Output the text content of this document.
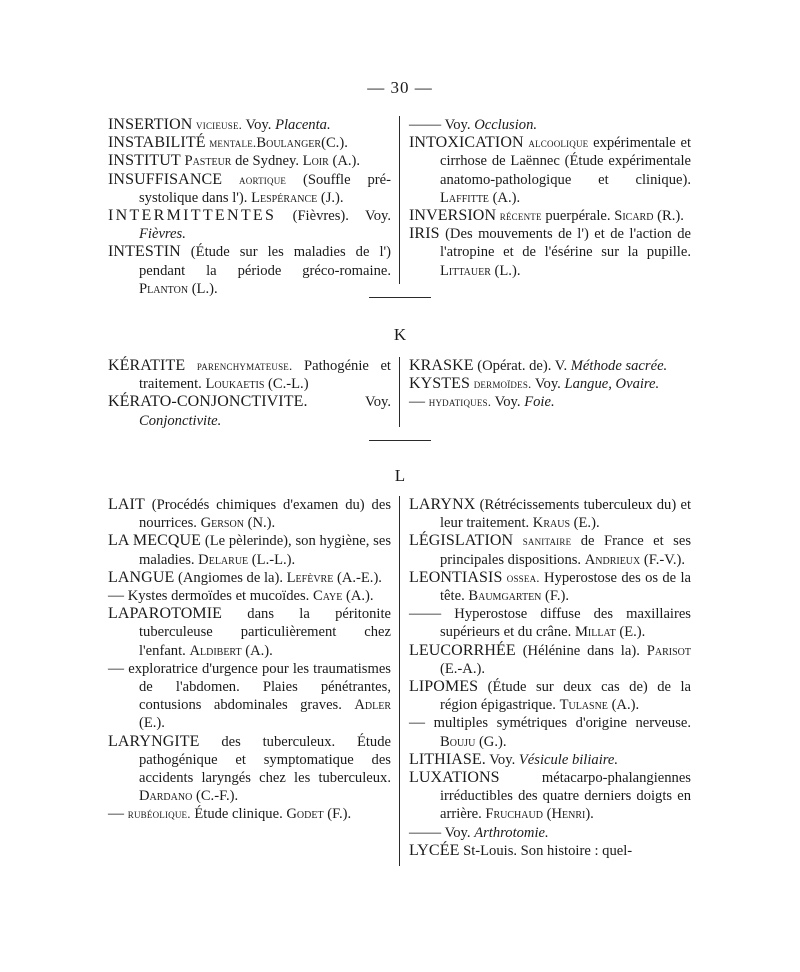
— 30 —
INSERTION vicieuse. Voy. Placenta.
INSTABILITÉ mentale.Boulanger(C.).
INSTITUT Pasteur de Sydney. Loir (A.).
INSUFFISANCE aortique (Souffle pré-systolique dans l'). Lespérance (J.).
INTERMITTENTES (Fièvres). Voy. Fièvres.
INTESTIN (Étude sur les maladies de l') pendant la période gréco-romaine. Planton (L.).
—— Voy. Occlusion.
INTOXICATION alcoolique expérimentale et cirrhose de Laënnec (Étude expérimentale anatomo-pathologique et clinique). Laffitte (A.).
INVERSION récente puerpérale. Sicard (R.).
IRIS (Des mouvements de l') et de l'action de l'atropine et de l'ésérine sur la pupille. Littauer (L.).
K
KÉRATITE parenchymateuse. Pathogénie et traitement. Loukaetis (C.-L.)
KÉRATO-CONJONCTIVITE. Voy. Conjonctivite.
KRASKE (Opérat. de). V. Méthode sacrée.
KYSTES dermoïdes. Voy. Langue, Ovaire.
— hydatiques. Voy. Foie.
L
LAIT (Procédés chimiques d'examen du) des nourrices. Gerson (N.).
LA MECQUE (Le pèlerinde), son hygiène, ses maladies. Delarue (L.-L.).
LANGUE (Angiomes de la). Lefèvre (A.-E.).
— Kystes dermoïdes et mucoïdes. Caye (A.).
LAPAROTOMIE dans la péritonite tuberculeuse particulièrement chez l'enfant. Aldibert (A.).
— exploratrice d'urgence pour les traumatismes de l'abdomen. Plaies pénétrantes, contusions abdominales graves. Adler (E.).
LARYNGITE des tuberculeux. Étude pathogénique et symptomatique des accidents laryngés chez les tuberculeux. Dardano (C.-F.).
— rubéolique. Étude clinique. Godet (F.).
LARYNX (Rétrécissements tuberculeux du) et leur traitement. Kraus (E.).
LÉGISLATION sanitaire de France et ses principales dispositions. Andrieux (F.-V.).
LEONTIASIS ossea. Hyperostose des os de la tête. Baumgarten (F.).
—— Hyperostose diffuse des maxillaires supérieurs et du crâne. Millat (E.).
LEUCORRHÉE (Hélénine dans la). Parisot (E.-A.).
LIPOMES (Étude sur deux cas de) de la région épigastrique. Tulasne (A.).
— multiples symétriques d'origine nerveuse. Bouju (G.).
LITHIASE. Voy. Vésicule biliaire.
LUXATIONS métacarpo-phalangiennes irréductibles des quatre derniers doigts en arrière. Fruchaud (Henri).
—— Voy. Arthrotomie.
LYCÉE St-Louis. Son histoire : quel-
